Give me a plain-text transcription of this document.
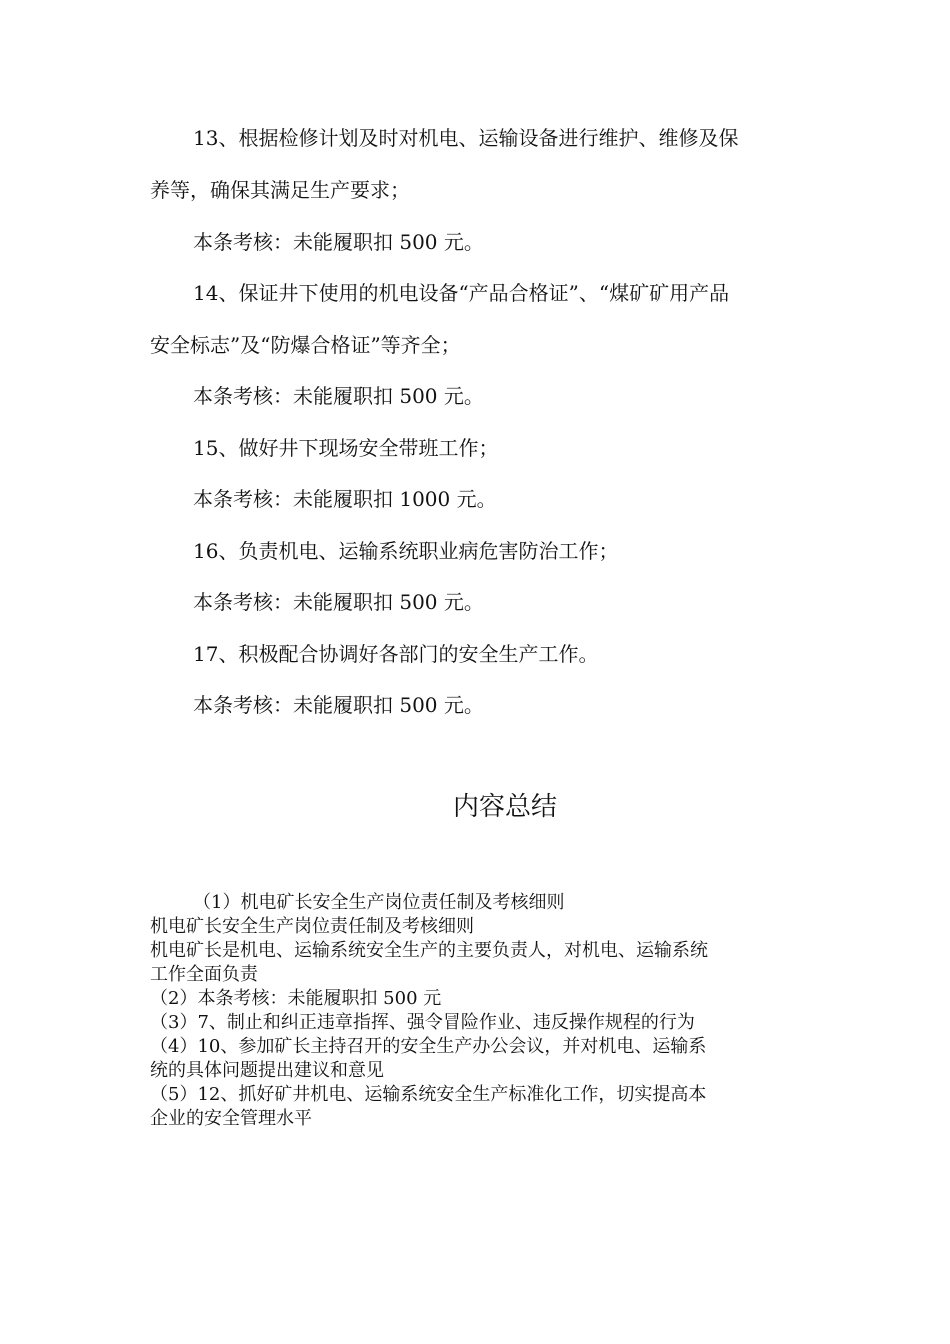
13、根据检修计划及时对机电、运输设备进行维护、维修及保
养等，确保其满足生产要求；
本条考核：未能履职扣 500 元。
14、保证井下使用的机电设备“产品合格证”、“煤矿矿用产品
安全标志”及“防爆合格证”等齐全；
本条考核：未能履职扣 500 元。
15、做好井下现场安全带班工作；
本条考核：未能履职扣 1000 元。
16、负责机电、运输系统职业病危害防治工作；
本条考核：未能履职扣 500 元。
17、积极配合协调好各部门的安全生产工作。
本条考核：未能履职扣 500 元。
内容总结
（1）机电矿长安全生产岗位责任制及考核细则
机电矿长安全生产岗位责任制及考核细则
机电矿长是机电、运输系统安全生产的主要负责人，对机电、运输系统
工作全面负责
（2）本条考核：未能履职扣 500 元
（3）7、制止和纠正违章指挥、强令冒险作业、违反操作规程的行为
（4）10、参加矿长主持召开的安全生产办公会议，并对机电、运输系
统的具体问题提出建议和意见
（5）12、抓好矿井机电、运输系统安全生产标准化工作，切实提高本
企业的安全管理水平
